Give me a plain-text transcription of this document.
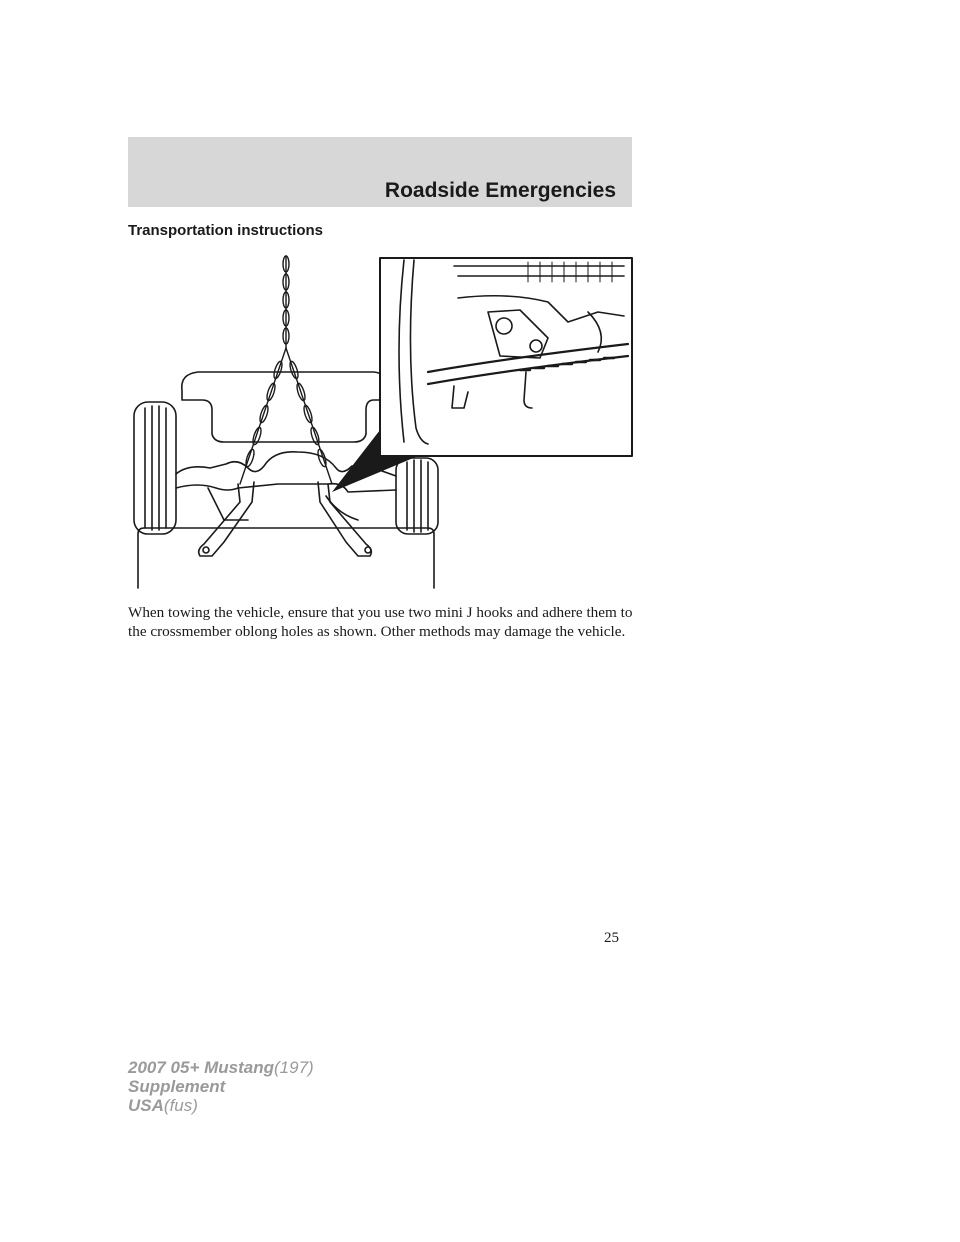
Roadside Emergencies
Transportation instructions

When towing the vehicle, ensure that you use two mini J hooks and adhere them to the crossmember oblong holes as shown. Other methods may damage the vehicle.

25
2007 05+ Mustang(197)
Supplement
USA(fus)
